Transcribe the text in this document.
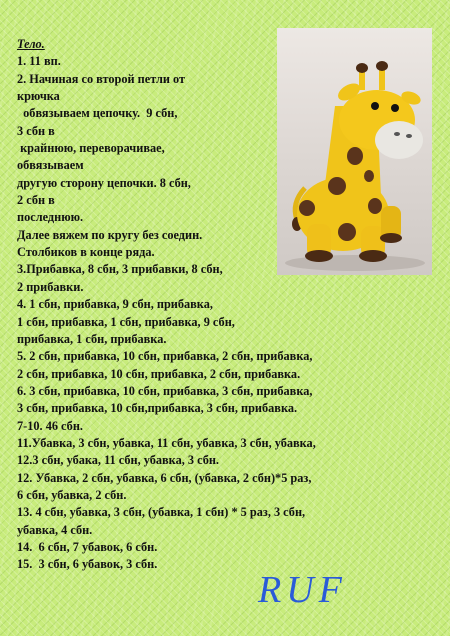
Тело.
1. 11 вп.
2. Начиная со второй петли от
крючка
обвязываем цепочку.  9 сбн,
3 сбн в
крайнюю, переворачивае,
обвязываем
другую сторону цепочки. 8 сбн,
2 сбн в
последнюю.
Далее вяжем по кругу без соедин.
Столбиков в конце ряда.
3.Прибавка, 8 сбн, 3 прибавки, 8 сбн,
2 прибавки.
4. 1 сбн, прибавка, 9 сбн, прибавка,
1 сбн, прибавка, 1 сбн, прибавка, 9 сбн,
прибавка, 1 сбн, прибавка.
5. 2 сбн, прибавка, 10 сбн, прибавка, 2 сбн, прибавка,
2 сбн, прибавка, 10 сбн, прибавка, 2 сбн, прибавка.
6. 3 сбн, прибавка, 10 сбн, прибавка, 3 сбн, прибавка,
3 сбн, прибавка, 10 сбн,прибавка, 3 сбн, прибавка.
7-10. 46 сбн.
11.Убавка, 3 сбн, убавка, 11 сбн, убавка, 3 сбн, убавка,
12.3 сбн, убака, 11 сбн, убавка, 3 сбн.
12. Убавка, 2 сбн, убавка, 6 сбн, (убавка, 2 сбн)*5 раз,
6 сбн, убавка, 2 сбн.
13. 4 сбн, убавка, 3 сбн, (убавка, 1 сбн) * 5 раз, 3 сбн,
убавка, 4 сбн.
14.  6 сбн, 7 убавок, 6 сбн.
15.  3 сбн, 6 убавок, 3 сбн.
RUF
